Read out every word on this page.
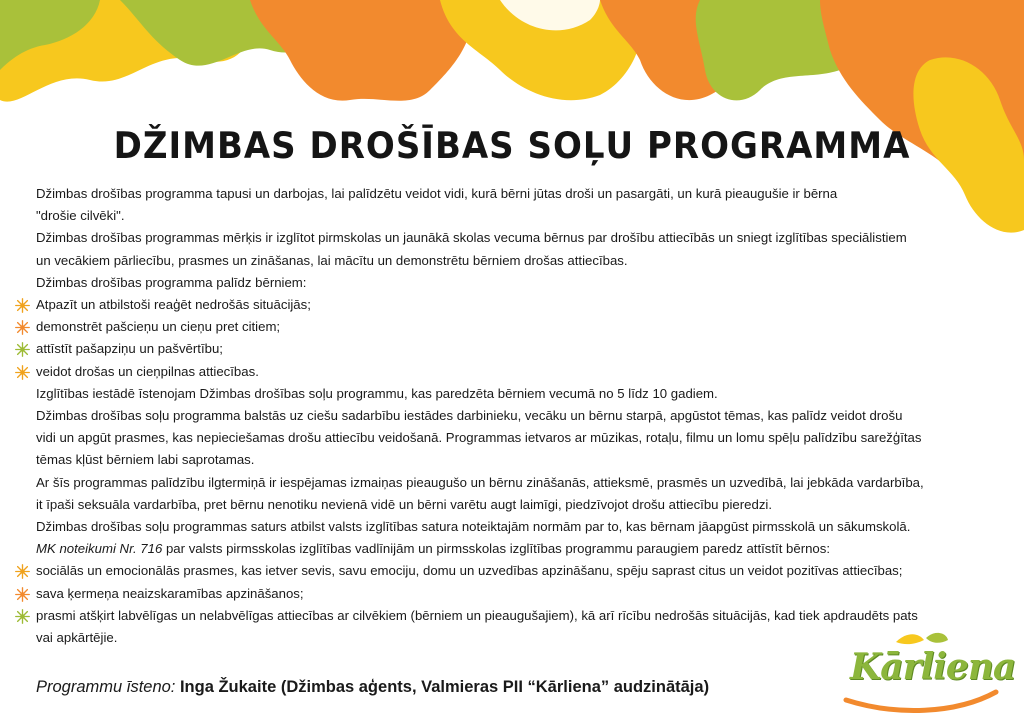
DŽIMBAS DROŠĪBAS SOĻU PROGRAMMA

Džimbas drošības programma tapusi un darbojas, lai palīdzētu veidot vidi, kurā bērni jūtas droši un pasargāti, un kurā pieaugušie ir bērna

"drošie cilvēki".

Džimbas drošības programmas mērķis ir izglītot pirmskolas un jaunākā skolas vecuma bērnus par drošību attiecībās un sniegt izglītības speciālistiem

un vecākiem pārliecību, prasmes un zināšanas, lai mācītu un demonstrētu bērniem drošas attiecības.

Džimbas drošības programma palīdz bērniem:

Atpazīt un atbilstoši reaģēt nedrošās situācijās;
demonstrēt pašcieņu un cieņu pret citiem;
attīstīt pašapziņu un pašvērtību;
veidot drošas un cieņpilnas attiecības.

Izglītības iestādē īstenojam Džimbas drošības soļu programmu, kas paredzēta bērniem vecumā no 5 līdz 10 gadiem.

Džimbas drošības soļu programma balstās uz ciešu sadarbību iestādes darbinieku, vecāku un bērnu starpā, apgūstot tēmas, kas palīdz veidot drošu

vidi un apgūt prasmes, kas nepieciešamas drošu attiecību veidošanā. Programmas ietvaros ar mūzikas, rotaļu, filmu un lomu spēļu palīdzību sarežģītas

tēmas kļūst bērniem labi saprotamas.

Ar šīs programmas palīdzību ilgtermiņā ir iespējamas izmaiņas pieaugušo un bērnu zināšanās, attieksmē, prasmēs un uzvedībā, lai jebkāda vardarbība,

it īpaši seksuāla vardarbība, pret bērnu nenotiku nevienā vidē un bērni varētu augt laimīgi, piedzīvojot drošu attiecību pieredzi.

Džimbas drošības soļu programmas saturs atbilst valsts izglītības satura noteiktajām normām par to, kas bērnam jāapgūst pirmsskolā un sākumskolā.

MK noteikumi Nr. 716 par valsts pirmsskolas izglītības vadlīnijām un pirmsskolas izglītības programmu paraugiem paredz attīstīt bērnos:

sociālās un emocionālās prasmes, kas ietver sevis, savu emociju, domu un uzvedības apzināšanu, spēju saprast citus un veidot pozitīvas attiecības;
sava ķermeņa neaizskaramības apzināšanos;
prasmi atšķirt labvēlīgas un nelabvēlīgas attiecības ar cilvēkiem (bērniem un pieaugušajiem), kā arī rīcību nedrošās situācijās, kad tiek apdraudēts pats

vai apkārtējie.

Programmu īsteno: Inga Žukaite (Džimbas aģents, Valmieras PII “Kārliena” audzinātāja)	Kārliena
